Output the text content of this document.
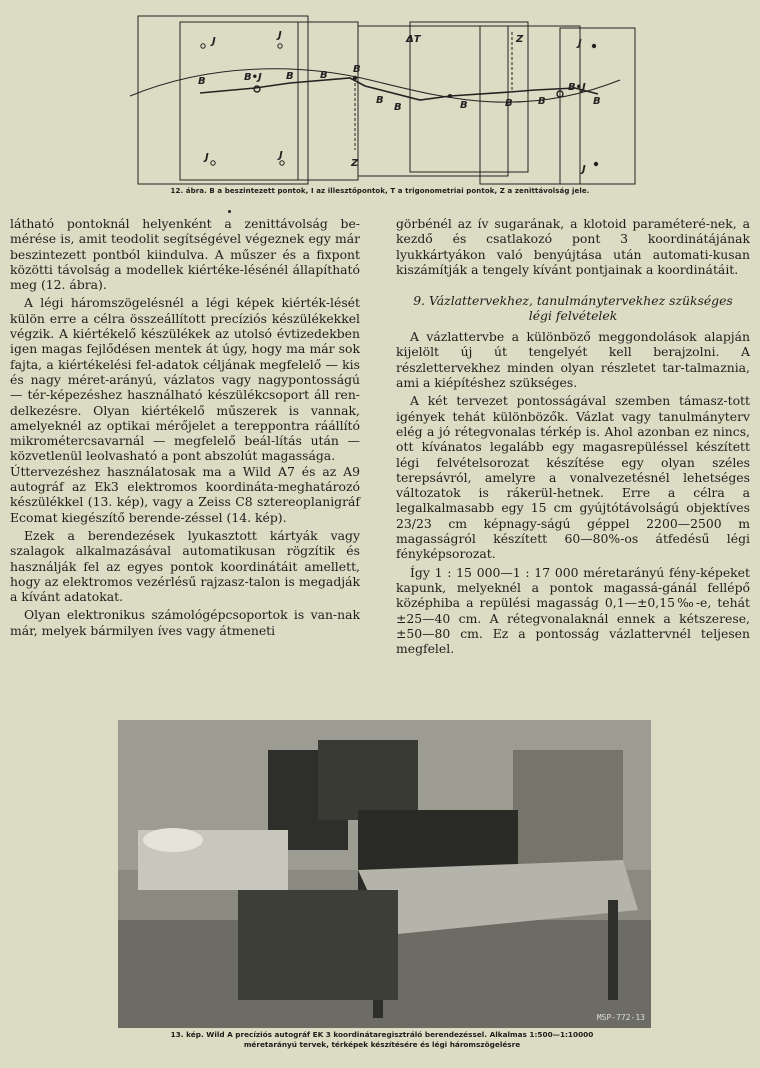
J
J	ΔT	Z	J
J	J
Z
J
B	B•J B	B
B
B
B	B	B	B
B•J
B
12. ábra. B a beszintezett pontok, I az illesztőpontok, T a trigonometriai pontok, Z a zenittávolság jele.

látható pontoknál helyenként a zenittávolság be-mérése is, amit teodolit segítségével végeznek egy már beszintezett pontból kiindulva. A műszer és a fixpont közötti távolság a modellek kiértéke-lésénél állapítható meg (12. ábra).

A légi háromszögelésnél a légi képek kiérték-lését külön erre a célra összeállított precíziós készülékekkel végzik. A kiértékelő készülékek az utolsó évtizedekben igen magas fejlődésen mentek át úgy, hogy ma már sok fajta, a kiértékelési fel-adatok céljának megfelelő — kis és nagy méret-arányú, vázlatos vagy nagypontosságú — tér-képezéshez használható készülékcsoport áll ren-delkezésre. Olyan kiértékelő műszerek is vannak, amelyeknél az optikai mérőjelet a tereppontra ráállító mikrométercsavarnál — megfelelő beál-lítás után — közvetlenül leolvasható a pont abszolút magassága.

Úttervezéshez használatosak ma a Wild A7 és az A9 autográf az Ek3 elektromos koordináta-meghatározó készülékkel (13. kép), vagy a Zeiss C8 sztereoplanigráf Ecomat kiegészítő berende-zéssel (14. kép).

Ezek a berendezések lyukasztott kártyák vagy szalagok alkalmazásával automatikusan rögzítik és használják fel az egyes pontok koordinátáit amellett, hogy az elektromos vezérlésű rajzasz-talon is megadják a kívánt adatokat.

Olyan elektronikus számológépcsoportok is van-nak már, melyek bármilyen íves vagy átmeneti

görbénél az ív sugarának, a klotoid paraméteré-nek, a kezdő és csatlakozó pont 3 koordinátájának lyukkártyákon való benyújtása után automati-kusan kiszámítják a tengely kívánt pontjainak a koordinátáit.

9. Vázlattervekhez, tanulmánytervekhez szükséges
légi felvételek

A vázlattervbe a különböző meggondolások alapján kijelölt új út tengelyét kell berajzolni. A részlettervekhez minden olyan részletet tar-talmaznia, ami a kiépítéshez szükséges.

A két tervezet pontosságával szemben támasz-tott igények tehát különbözők. Vázlat vagy tanulmányterv elég a jó rétegvonalas térkép is. Ahol azonban ez nincs, ott kívánatos legalább egy magasrepüléssel készített légi felvételsorozat készítése egy olyan széles terepsávról, amelyre a vonalvezetésnél lehetséges változatok is rákerül-hetnek. Erre a célra a legalkalmasabb egy 15 cm gyújtótávolságú objektíves 23/23 cm képnagy-ságú géppel 2200—2500 m magasságról készített 60—80%-os átfedésű légi fényképsorozat.

Így 1 : 15 000—1 : 17 000 méretarányú fény-képeket kapunk, melyeknél a pontok magassá-gánál fellépő középhiba a repülési magasság 0,1—±0,15‰-e, tehát ±25—40 cm. A rétegvonalaknál ennek a kétszerese, ±50—80 cm. Ez a pontosság vázlattervnél teljesen megfelel.

MSP-772-13
13. kép. Wild A precíziós autográf EK 3 koordinátaregisztráló berendezéssel. Alkalmas 1:500—1:10000
méretarányú tervek, térképek készítésére és légi háromszögelésre
